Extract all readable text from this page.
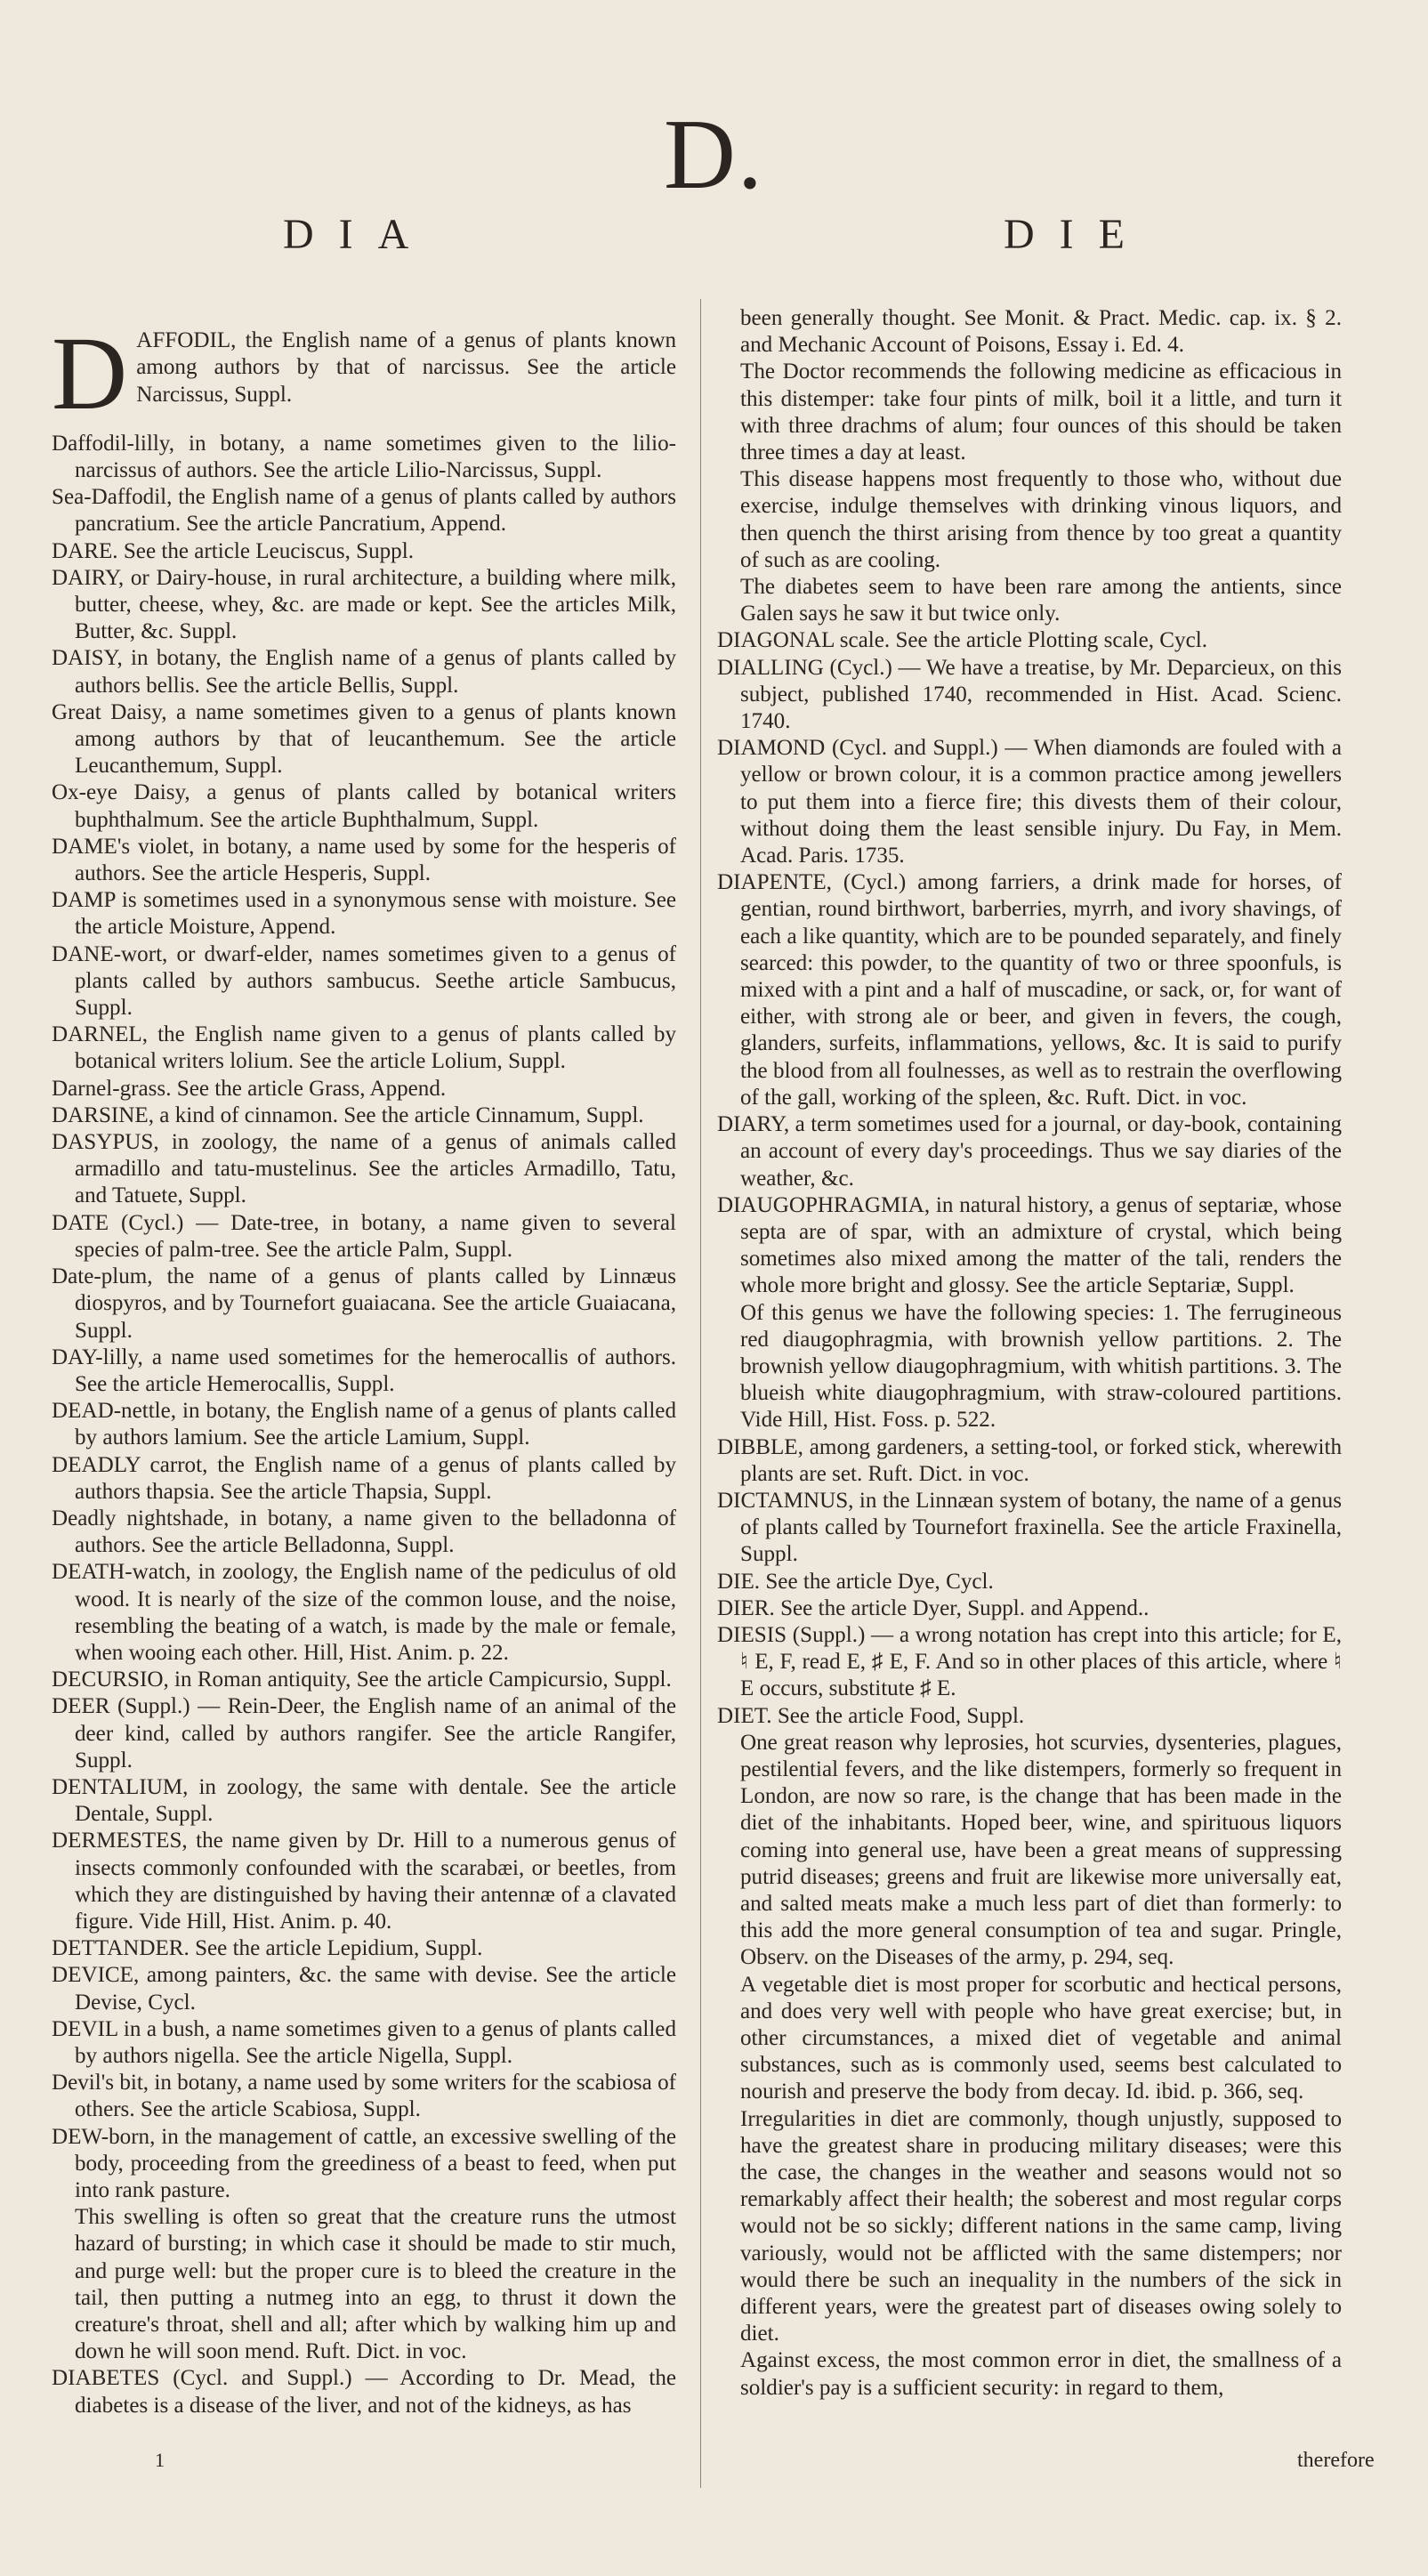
D.
DIA	DIE

DAFFODIL, the English name of a genus of plants known among authors by that of narcissus. See the article Narcissus, Suppl.

Daffodil-lilly, in botany, a name sometimes given to the lilio-narcissus of authors. See the article Lilio-Narcissus, Suppl.

Sea-Daffodil, the English name of a genus of plants called by authors pancratium. See the article Pancratium, Append.

DARE. See the article Leuciscus, Suppl.

DAIRY, or Dairy-house, in rural architecture, a building where milk, butter, cheese, whey, &c. are made or kept. See the articles Milk, Butter, &c. Suppl.

DAISY, in botany, the English name of a genus of plants called by authors bellis. See the article Bellis, Suppl.

Great Daisy, a name sometimes given to a genus of plants known among authors by that of leucanthemum. See the article Leucanthemum, Suppl.

Ox-eye Daisy, a genus of plants called by botanical writers buphthalmum. See the article Buphthalmum, Suppl.

DAME's violet, in botany, a name used by some for the hesperis of authors. See the article Hesperis, Suppl.

DAMP is sometimes used in a synonymous sense with moisture. See the article Moisture, Append.

DANE-wort, or dwarf-elder, names sometimes given to a genus of plants called by authors sambucus. Seethe article Sambucus, Suppl.

DARNEL, the English name given to a genus of plants called by botanical writers lolium. See the article Lolium, Suppl.

Darnel-grass. See the article Grass, Append.

DARSINE, a kind of cinnamon. See the article Cinnamum, Suppl.

DASYPUS, in zoology, the name of a genus of animals called armadillo and tatu-mustelinus. See the articles Armadillo, Tatu, and Tatuete, Suppl.

DATE (Cycl.) — Date-tree, in botany, a name given to several species of palm-tree. See the article Palm, Suppl.

Date-plum, the name of a genus of plants called by Linnæus diospyros, and by Tournefort guaiacana. See the article Guaiacana, Suppl.

DAY-lilly, a name used sometimes for the hemerocallis of authors. See the article Hemerocallis, Suppl.

DEAD-nettle, in botany, the English name of a genus of plants called by authors lamium. See the article Lamium, Suppl.

DEADLY carrot, the English name of a genus of plants called by authors thapsia. See the article Thapsia, Suppl.

Deadly nightshade, in botany, a name given to the belladonna of authors. See the article Belladonna, Suppl.

DEATH-watch, in zoology, the English name of the pediculus of old wood. It is nearly of the size of the common louse, and the noise, resembling the beating of a watch, is made by the male or female, when wooing each other. Hill, Hist. Anim. p. 22.

DECURSIO, in Roman antiquity, See the article Campicursio, Suppl.

DEER (Suppl.) — Rein-Deer, the English name of an animal of the deer kind, called by authors rangifer. See the article Rangifer, Suppl.

DENTALIUM, in zoology, the same with dentale. See the article Dentale, Suppl.

DERMESTES, the name given by Dr. Hill to a numerous genus of insects commonly confounded with the scarabæi, or beetles, from which they are distinguished by having their antennæ of a clavated figure. Vide Hill, Hist. Anim. p. 40.

DETTANDER. See the article Lepidium, Suppl.

DEVICE, among painters, &c. the same with devise. See the article Devise, Cycl.

DEVIL in a bush, a name sometimes given to a genus of plants called by authors nigella. See the article Nigella, Suppl.

Devil's bit, in botany, a name used by some writers for the scabiosa of others. See the article Scabiosa, Suppl.

DEW-born, in the management of cattle, an excessive swelling of the body, proceeding from the greediness of a beast to feed, when put into rank pasture.

This swelling is often so great that the creature runs the utmost hazard of bursting; in which case it should be made to stir much, and purge well: but the proper cure is to bleed the creature in the tail, then putting a nutmeg into an egg, to thrust it down the creature's throat, shell and all; after which by walking him up and down he will soon mend. Ruft. Dict. in voc.

DIABETES (Cycl. and Suppl.) — According to Dr. Mead, the diabetes is a disease of the liver, and not of the kidneys, as has

been generally thought. See Monit. & Pract. Medic. cap. ix. § 2. and Mechanic Account of Poisons, Essay i. Ed. 4.

The Doctor recommends the following medicine as efficacious in this distemper: take four pints of milk, boil it a little, and turn it with three drachms of alum; four ounces of this should be taken three times a day at least.

This disease happens most frequently to those who, without due exercise, indulge themselves with drinking vinous liquors, and then quench the thirst arising from thence by too great a quantity of such as are cooling.

The diabetes seem to have been rare among the antients, since Galen says he saw it but twice only.

DIAGONAL scale. See the article Plotting scale, Cycl.

DIALLING (Cycl.) — We have a treatise, by Mr. Deparcieux, on this subject, published 1740, recommended in Hist. Acad. Scienc. 1740.

DIAMOND (Cycl. and Suppl.) — When diamonds are fouled with a yellow or brown colour, it is a common practice among jewellers to put them into a fierce fire; this divests them of their colour, without doing them the least sensible injury. Du Fay, in Mem. Acad. Paris. 1735.

DIAPENTE, (Cycl.) among farriers, a drink made for horses, of gentian, round birthwort, barberries, myrrh, and ivory shavings, of each a like quantity, which are to be pounded separately, and finely searced: this powder, to the quantity of two or three spoonfuls, is mixed with a pint and a half of muscadine, or sack, or, for want of either, with strong ale or beer, and given in fevers, the cough, glanders, surfeits, inflammations, yellows, &c. It is said to purify the blood from all foulnesses, as well as to restrain the overflowing of the gall, working of the spleen, &c. Ruft. Dict. in voc.

DIARY, a term sometimes used for a journal, or day-book, containing an account of every day's proceedings. Thus we say diaries of the weather, &c.

DIAUGOPHRAGMIA, in natural history, a genus of septariæ, whose septa are of spar, with an admixture of crystal, which being sometimes also mixed among the matter of the tali, renders the whole more bright and glossy. See the article Septariæ, Suppl.

Of this genus we have the following species: 1. The ferrugineous red diaugophragmia, with brownish yellow partitions. 2. The brownish yellow diaugophragmium, with whitish partitions. 3. The blueish white diaugophragmium, with straw-coloured partitions. Vide Hill, Hist. Foss. p. 522.

DIBBLE, among gardeners, a setting-tool, or forked stick, wherewith plants are set. Ruft. Dict. in voc.

DICTAMNUS, in the Linnæan system of botany, the name of a genus of plants called by Tournefort fraxinella. See the article Fraxinella, Suppl.

DIE. See the article Dye, Cycl.

DIER. See the article Dyer, Suppl. and Append..

DIESIS (Suppl.) — a wrong notation has crept into this article; for E, ♮ E, F, read E, ♯ E, F. And so in other places of this article, where ♮ E occurs, substitute ♯ E.

DIET. See the article Food, Suppl.

One great reason why leprosies, hot scurvies, dysenteries, plagues, pestilential fevers, and the like distempers, formerly so frequent in London, are now so rare, is the change that has been made in the diet of the inhabitants. Hoped beer, wine, and spirituous liquors coming into general use, have been a great means of suppressing putrid diseases; greens and fruit are likewise more universally eat, and salted meats make a much less part of diet than formerly: to this add the more general consumption of tea and sugar. Pringle, Observ. on the Diseases of the army, p. 294, seq.

A vegetable diet is most proper for scorbutic and hectical persons, and does very well with people who have great exercise; but, in other circumstances, a mixed diet of vegetable and animal substances, such as is commonly used, seems best calculated to nourish and preserve the body from decay. Id. ibid. p. 366, seq.

Irregularities in diet are commonly, though unjustly, supposed to have the greatest share in producing military diseases; were this the case, the changes in the weather and seasons would not so remarkably affect their health; the soberest and most regular corps would not be so sickly; different nations in the same camp, living variously, would not be afflicted with the same distempers; nor would there be such an inequality in the numbers of the sick in different years, were the greatest part of diseases owing solely to diet.

Against excess, the most common error in diet, the smallness of a soldier's pay is a sufficient security: in regard to them,

1	therefore
